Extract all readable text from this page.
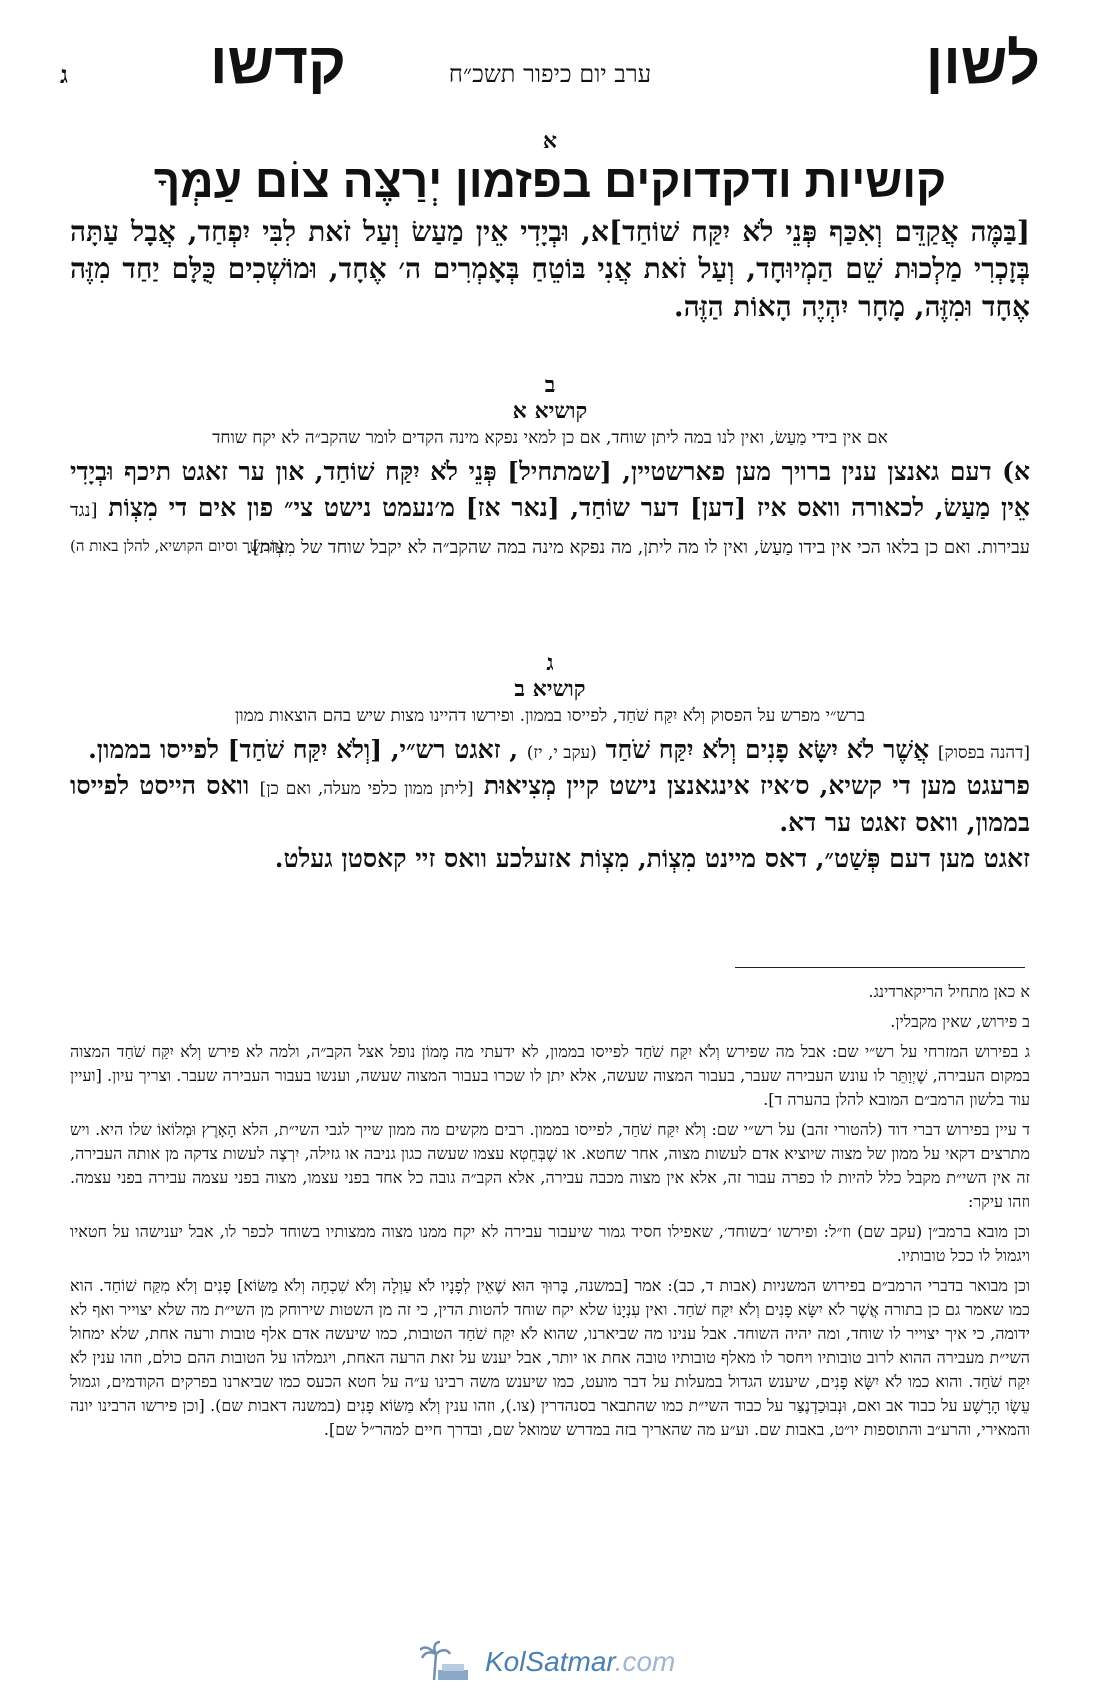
לשון
ערב יום כיפור תשכ״ח
קדשו
ג
א
קושיות ודקדוקים בפזמון יְרַצֶּה צוֹם עַמְּךָ
[בַּמֶּה אֲקַדֵּם וְאִכַּף פְּנֵי לֹא יִקַּח שׁוֹחַד]א, וּבְיָדִי אֵין מַעַשׂ וְעַל זֹאת לִבִּי יִפְחַד, אֲבָל עַתָּה בְּזָכְרִי מַלְכוּת שֵׁם הַמְיוּחָד, וְעַל זֹאת אֲנִי בּוֹטֵחַ בְּאָמְרִים ה׳ אֶחָד, וּמוֹשְׁכִים כֻּלָּם יַחַד מִזֶּה אֶחָד וּמִזֶּה, מָחָר יִהְיֶה הָאוֹת הַזֶּה.
ב
קושיא א
אם אין בידי מַעַשׂ, ואין לנו במה ליתן שוחד, אם כן למאי נפקא מינה הקדים לומר שהקב״ה לא יקח שוחד
א) דעם גאנצן ענין ברויך מען פארשטיין, [שמתחיל] פְּנֵי לֹא יִקַּח שׁוֹחַד, און ער זאגט תיכף וּבְיָדִי אֵין מַעַשׂ, לכאורה וואס איז [דען] דער שוֹחַד, [נאר אז] מ׳נעמט נישט צי״ פון אים די מִצְוֹת [נגד עבירות. ואם כן בלאו הכי אין בידו מַעַשׂ, ואין לו מה ליתן, מה נפקא מינה במה שהקב״ה לא יקבל שוחד של מִצְוֹת].
(המשך וסיום הקושיא, להלן באות ה)
ג
קושיא ב
ברש״י מפרש על הפסוק וְלֹא יִקַּח שֹׁחַד, לפייסו בממון. ופירשו דהיינו מצות שיש בהם הוצאות ממון
[דהנה בפסוק] אֲשֶׁר לֹא יִשָּׂא פָנִים וְלֹא יִקַּח שֹׁחַד (עקב י, יז) , זאגט רש״י, [וְלֹא יִקַּח שֹׁחַד] לפייסו בממון.
פרעגט מען די קשיא, ס׳איז אינגאנצן נישט קיין מְצִיאוּת [ליתן ממון כלפי מעלה, ואם כן] וואס הייסט לפייסו בממון, וואס זאגט ער דא.
זאגט מען דעם פְּשַׁט״, דאס מיינט מִצְוֹת, מִצְוֹת אזעלכע וואס זיי קאסטן געלט.

א כאן מתחיל הריקארדינג.

ב פירוש, שאין מקבלין.

ג בפירוש המזרחי על רש״י שם: אבל מה שפירש וְלֹא יִקַּח שֹׁחַד לפייסו בממון, לא ידעתי מה מָמוֹן נופל אצל הקב״ה, ולמה לא פירש וְלֹא יִקַּח שֹׁחַד המצוה במקום העבירה, שֶׁיְוַתֵּר לו עונש העבירה שעבר, בעבור המצוה שעשה, אלא יתן לו שכרו בעבור המצוה שעשה, וענשו בעבור העבירה שעבר. וצריך עיון. [ועיין עוד בלשון הרמב״ם המובא להלן בהערה ד].

ד עיין בפירוש דברי דוד (להטורי זהב) על רש״י שם: וְלֹא יִקַּח שֹׁחַד, לפייסו בממון. רבים מקשים מה ממון שייך לגבי השי״ת, הלא הָאָרֶץ וּמְלוֹאוֹ שלו היא. ויש מתרצים דקאי על ממון של מצוה שיוציא אדם לעשות מצוה, אחר שחטא. או שֶׁבְּחֵטְא עצמו שעשה כגון גניבה או גזילה, יִרְצֶה לעשות צדקה מן אותה העבירה, זה אין השי״ת מקבל כלל להיות לו כפרה עבור זה, אלא אין מצוה מכבה עבירה, אלא הקב״ה גובה כל אחד בפני עצמו, מצוה בפני עצמה עבירה בפני עצמה. וזהו עיקר:

וכן מובא ברמב״ן (עקב שם) וז״ל: ופירשו ׳בשוחד׳, שאפילו חסיד גמור שיעבור עבירה לא יקח ממנו מצוה ממצותיו בשוחד לכפר לו, אבל יענישהו על חטאיו ויגמול לו ככל טובותיו.

וכן מבואר בדברי הרמב״ם בפירוש המשניות (אבות ד, כב): אמר [במשנה, בָּרוּךְ הוּא שֶׁאֵין לְפָנָיו לֹא עַוְלָה וְלֹא שִׁכְחָה וְלֹא מַשּׂוֹא] פָנִים וְלֹא מִקַּח שׁוֹחַד. הוא כמו שאמר גם כן בתורה אֲשֶׁר לֹא יִשָּׂא פָנִים וְלֹא יִקַּח שֹׁחַד. ואין עִנְיָנוֹ שלא יקח שוחד להטות הדין, כי זה מן השטות שירוחק מן השי״ת מה שלא יצוייר ואף לא ידומה, כי איך יצוייר לו שוחד, ומה יהיה השוחד. אבל ענינו מה שביארנו, שהוא לֹא יִקַּח שֹׁחַד הטובות, כמו שיעשה אדם אלף טובות ורעה אחת, שלא ימחול השי״ת מעבירה ההוא לרוב טובותיו ויחסר לו מאלף טובותיו טובה אחת או יותר, אבל יענש על זאת הרעה האחת, ויגמלהו על הטובות ההם כולם, וזהו ענין לֹא יִקַּח שֹׁחַד. והוא כמו לֹא יִשָּׂא פָנִים, שיענש הגדול במעלות על דבר מועט, כמו שיענש משה רבינו ע״ה על חטא הכעס כמו שביארנו בפרקים הקודמים, וגמול עֵשָׂו הָרָשָׁע על כבוד אב ואם, וּנְבוּכַדְנֶצַּר על כבוד השי״ת כמו שהתבאר בסנהדרין (צו.), וזהו ענין וְלֹא מַשּׂוֹא פָנִים (במשנה דאבות שם). [וכן פירשו הרבינו יונה והמאירי, והרע״ב והתוספות יו״ט, באבות שם. וע״ע מה שהאריך בזה במדרש שמואל שם, ובדרך חיים למהר״ל שם].

KolSatmar.com
